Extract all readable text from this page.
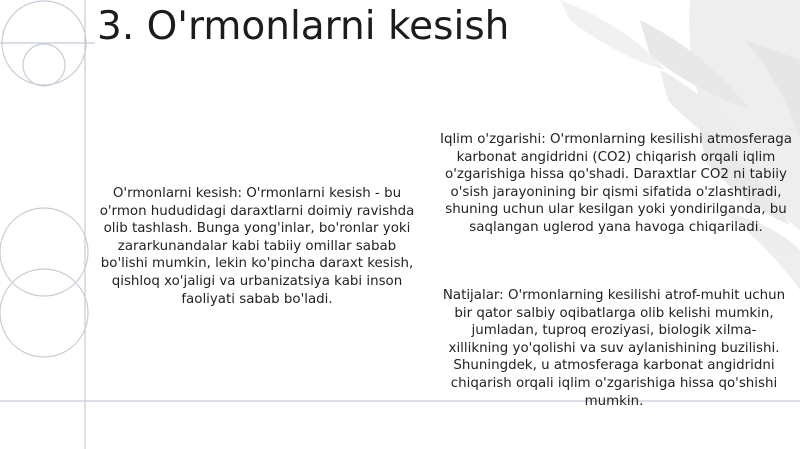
3. O'rmonlarni kesish

O'rmonlarni kesish: O'rmonlarni kesish - bu o'rmon hududidagi daraxtlarni doimiy ravishda olib tashlash. Bunga yong'inlar, bo'ronlar yoki zararkunandalar kabi tabiiy omillar sabab bo'lishi mumkin, lekin ko'pincha daraxt kesish, qishloq xo'jaligi va urbanizatsiya kabi inson faoliyati sabab bo'ladi.

Iqlim o'zgarishi: O'rmonlarning kesilishi atmosferaga karbonat angidridni (CO2) chiqarish orqali iqlim o'zgarishiga hissa qo'shadi. Daraxtlar CO2 ni tabiiy o'sish jarayonining bir qismi sifatida o'zlashtiradi, shuning uchun ular kesilgan yoki yondirilganda, bu saqlangan uglerod yana havoga chiqariladi.

Natijalar: O'rmonlarning kesilishi atrof-muhit uchun bir qator salbiy oqibatlarga olib kelishi mumkin, jumladan, tuproq eroziyasi, biologik xilma-xillikning yo'qolishi va suv aylanishining buzilishi. Shuningdek, u atmosferaga karbonat angidridni chiqarish orqali iqlim o'zgarishiga hissa qo'shishi mumkin.
